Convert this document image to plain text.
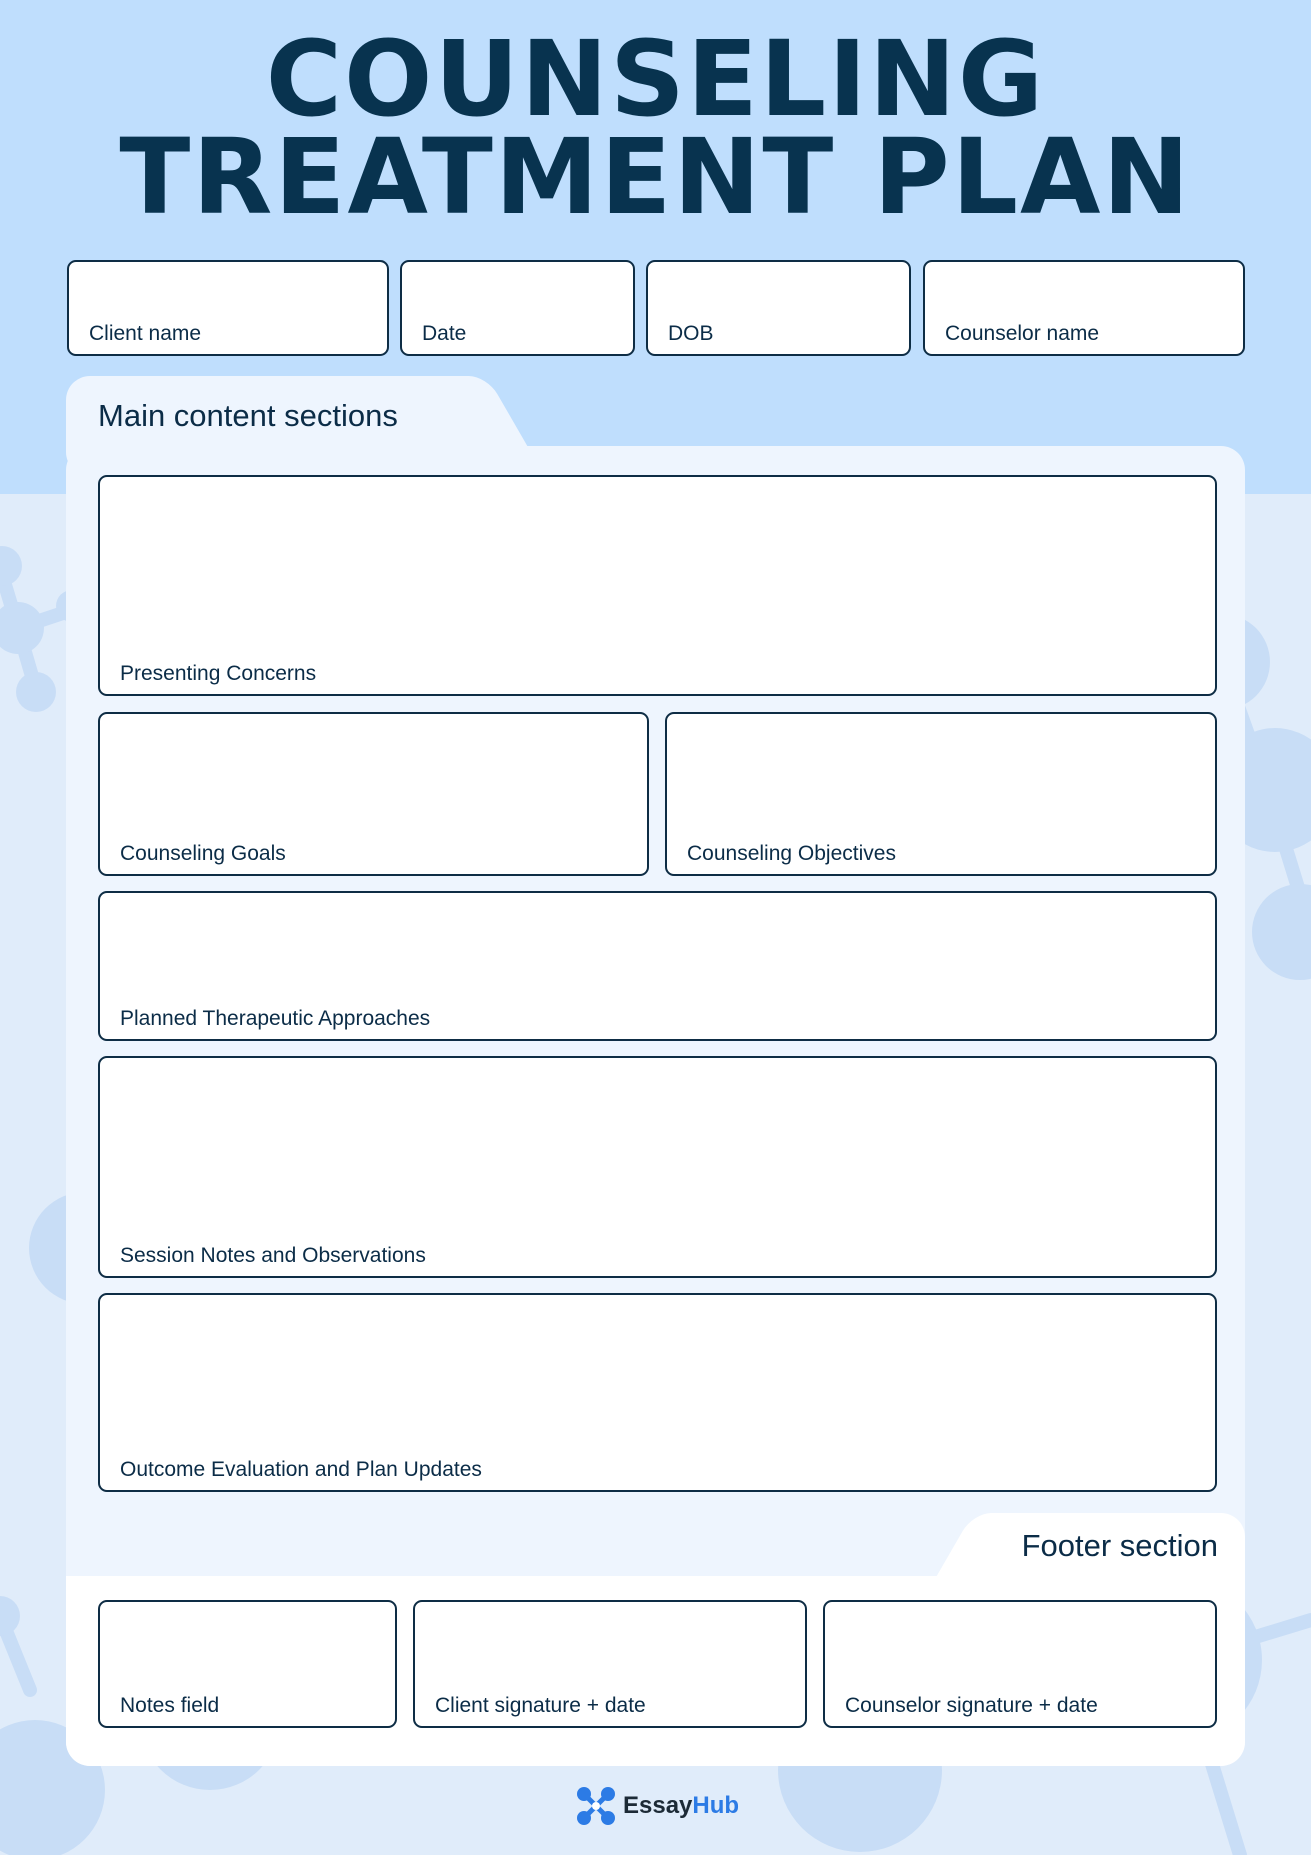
COUNSELING
TREATMENT PLAN
Client name	Date	DOB	Counselor name
Main content sections
Presenting Concerns
Counseling Goals	Counseling Objectives
Planned Therapeutic Approaches
Session Notes and Observations
Outcome Evaluation and Plan Updates
Footer section
Notes field	Client signature + date	Counselor signature + date
EssayHub
